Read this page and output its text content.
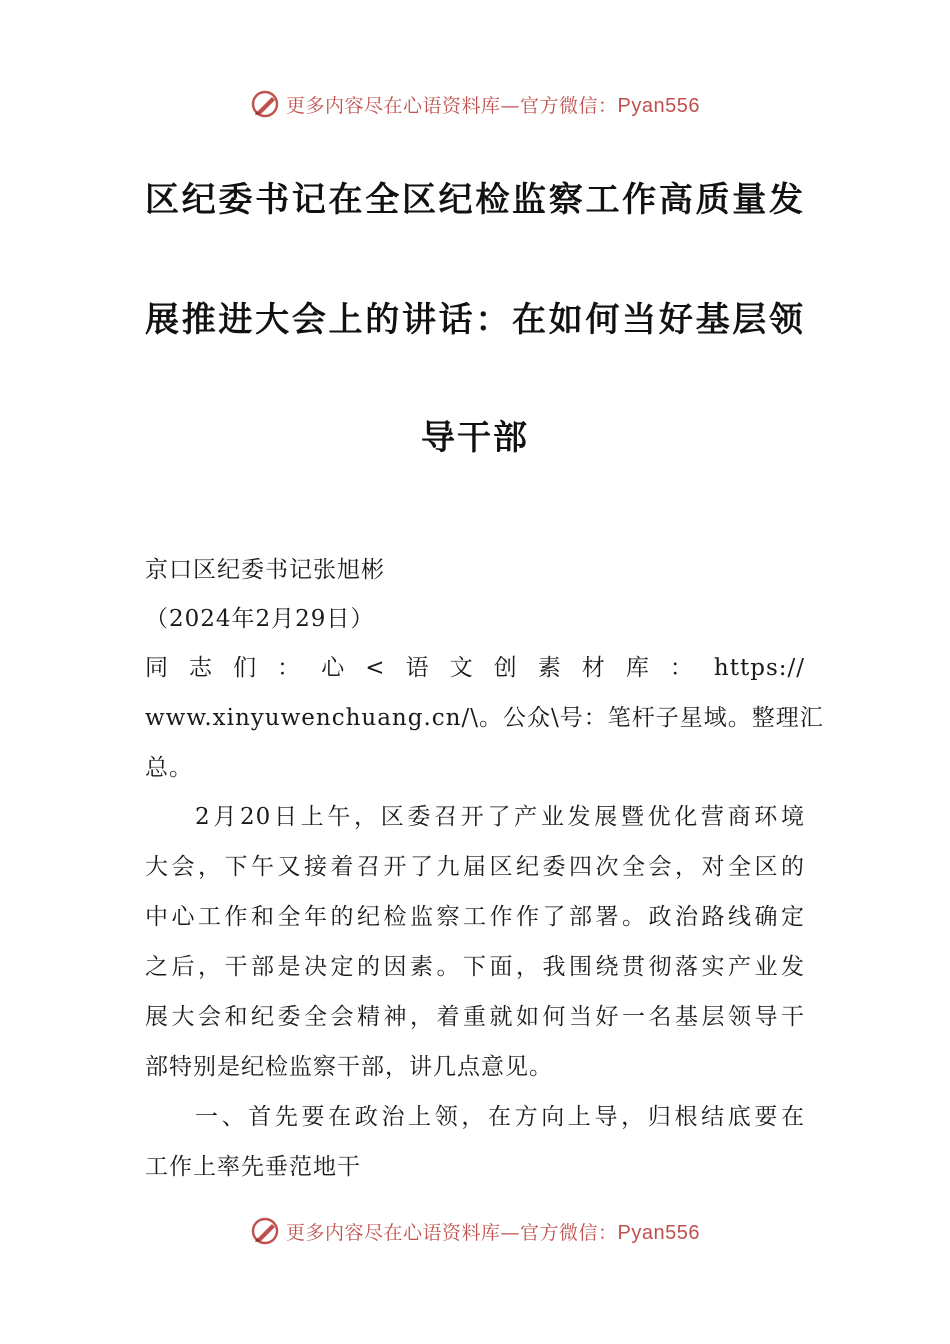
更多内容尽在心语资料库—官方微信：Pyan556
区纪委书记在全区纪检监察工作高质量发
展推进大会上的讲话：在如何当好基层领
导干部
京口区纪委书记张旭彬
（2024年2月29日）
同志们：心<语文创素材库：https://
www.xinyuwenchuang.cn/\。公众\号：笔杆子星域。整理汇
总。
2月20日上午，区委召开了产业发展暨优化营商环境
大会，下午又接着召开了九届区纪委四次全会，对全区的
中心工作和全年的纪检监察工作作了部署。政治路线确定
之后，干部是决定的因素。下面，我围绕贯彻落实产业发
展大会和纪委全会精神，着重就如何当好一名基层领导干
部特别是纪检监察干部，讲几点意见。
一、首先要在政治上领，在方向上导，归根结底要在
工作上率先垂范地干
更多内容尽在心语资料库—官方微信：Pyan556
